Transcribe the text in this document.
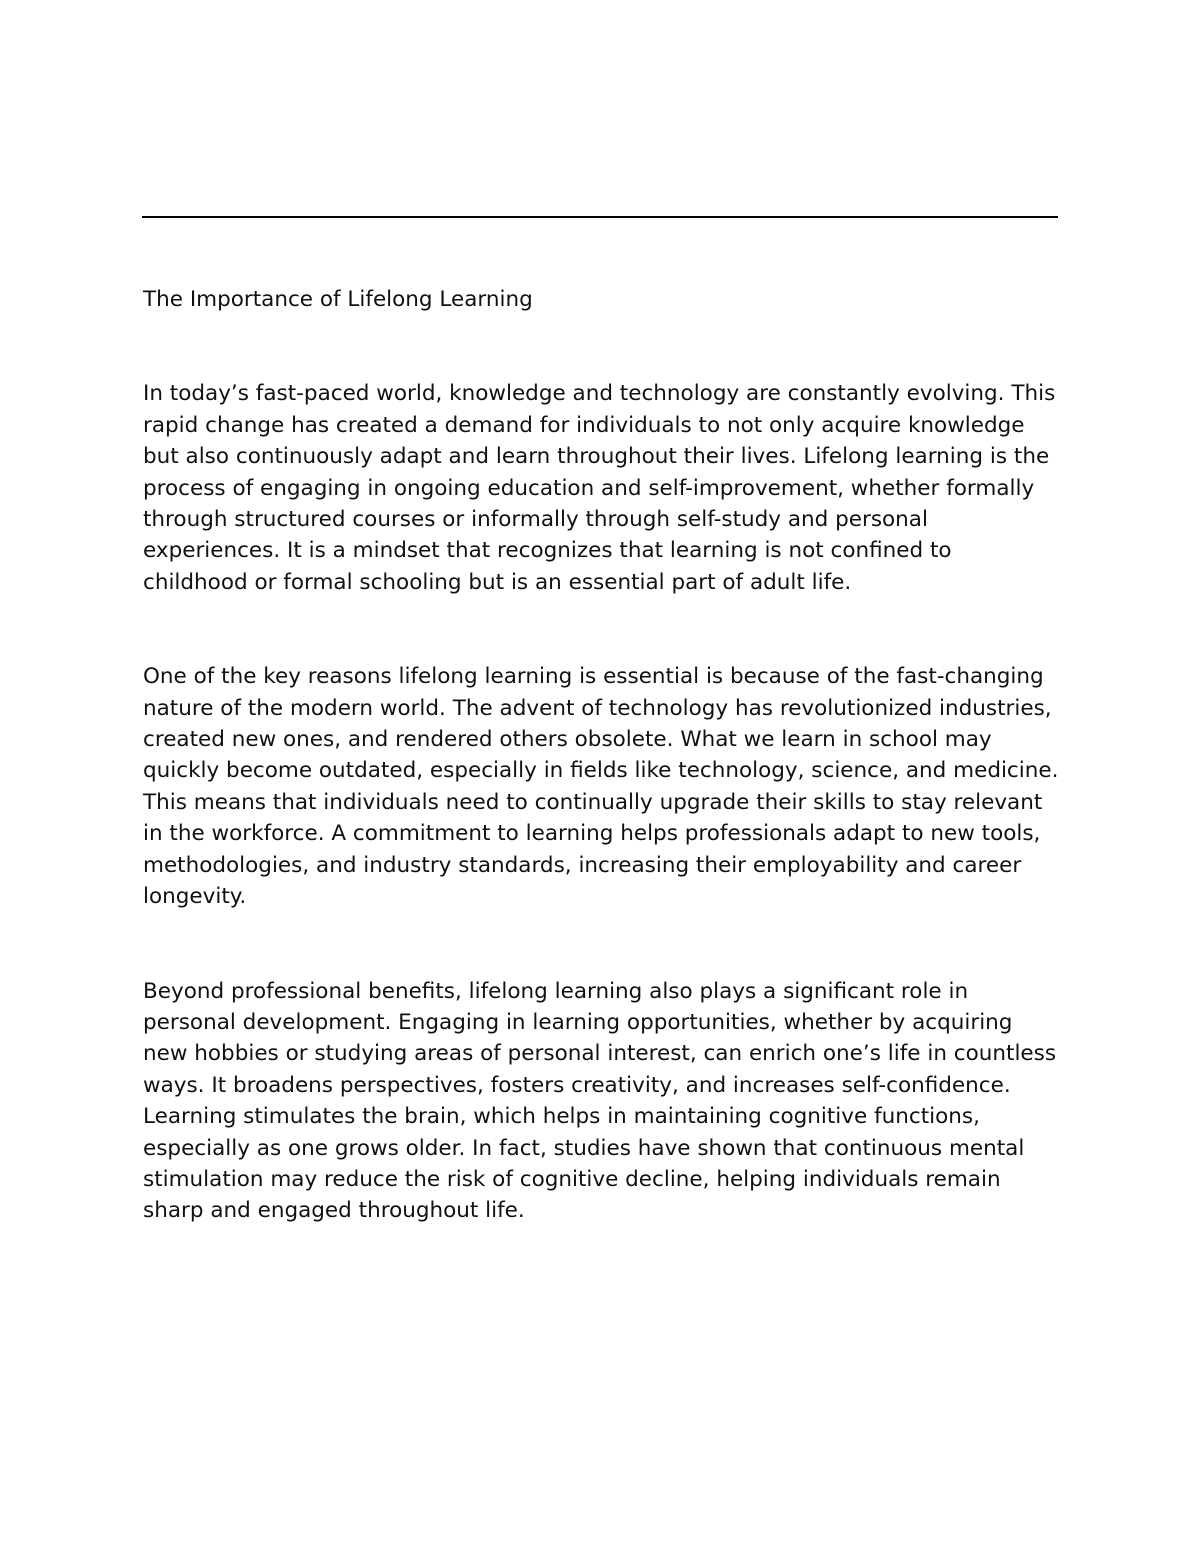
The Importance of Lifelong Learning

In today’s fast-paced world, knowledge and technology are constantly evolving. This rapid change has created a demand for individuals to not only acquire knowledge but also continuously adapt and learn throughout their lives. Lifelong learning is the process of engaging in ongoing education and self-improvement, whether formally through structured courses or informally through self-study and personal experiences. It is a mindset that recognizes that learning is not confined to childhood or formal schooling but is an essential part of adult life.

One of the key reasons lifelong learning is essential is because of the fast-changing nature of the modern world. The advent of technology has revolutionized industries, created new ones, and rendered others obsolete. What we learn in school may quickly become outdated, especially in fields like technology, science, and medicine. This means that individuals need to continually upgrade their skills to stay relevant in the workforce. A commitment to learning helps professionals adapt to new tools, methodologies, and industry standards, increasing their employability and career longevity.

Beyond professional benefits, lifelong learning also plays a significant role in personal development. Engaging in learning opportunities, whether by acquiring new hobbies or studying areas of personal interest, can enrich one’s life in countless ways. It broadens perspectives, fosters creativity, and increases self-confidence. Learning stimulates the brain, which helps in maintaining cognitive functions, especially as one grows older. In fact, studies have shown that continuous mental stimulation may reduce the risk of cognitive decline, helping individuals remain sharp and engaged throughout life.
